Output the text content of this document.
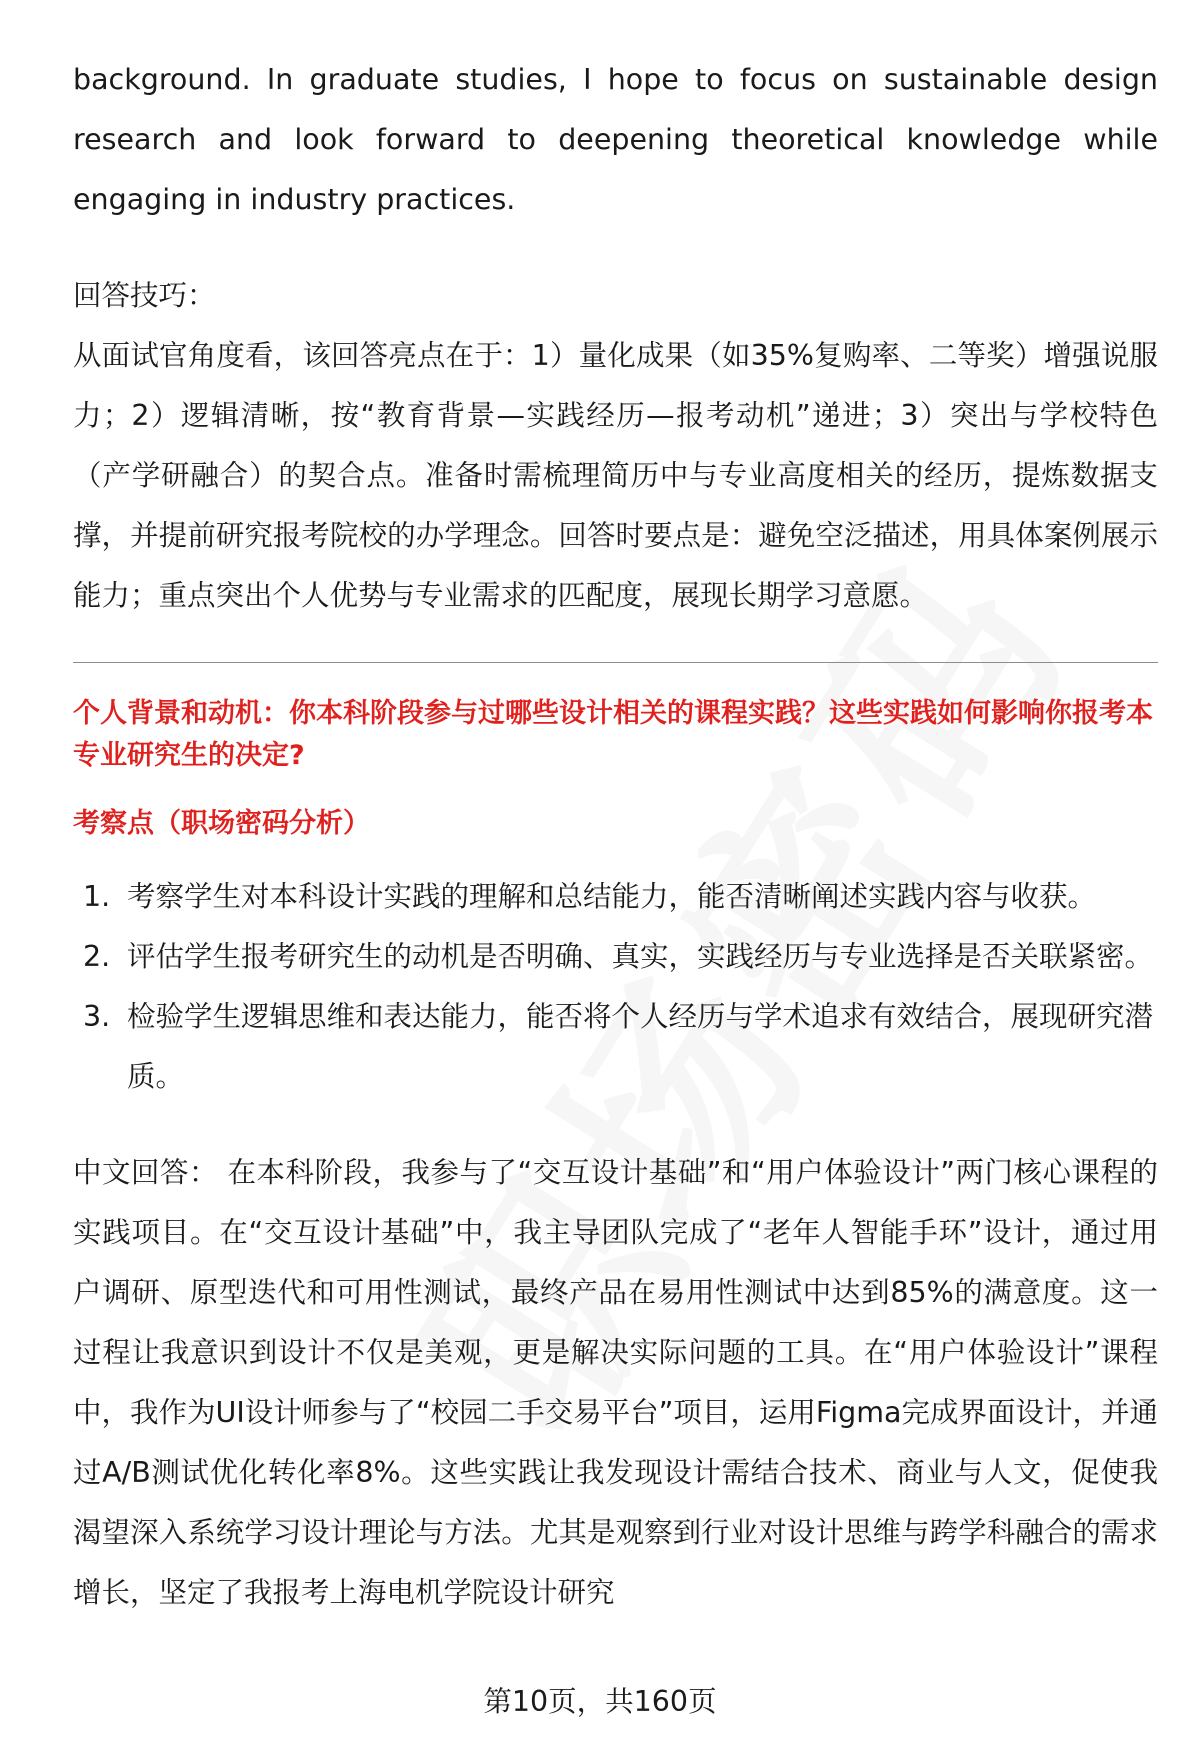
background. In graduate studies, I hope to focus on sustainable design research and look forward to deepening theoretical knowledge while engaging in industry practices.

回答技巧：

从面试官角度看，该回答亮点在于：1）量化成果（如35%复购率、二等奖）增强说服力；2）逻辑清晰，按“教育背景—实践经历—报考动机”递进；3）突出与学校特色（产学研融合）的契合点。准备时需梳理简历中与专业高度相关的经历，提炼数据支撑，并提前研究报考院校的办学理念。回答时要点是：避免空泛描述，用具体案例展示能力；重点突出个人优势与专业需求的匹配度，展现长期学习意愿。

个人背景和动机：你本科阶段参与过哪些设计相关的课程实践？这些实践如何影响你报考本专业研究生的决定?

考察点（职场密码分析）

1. 考察学生对本科设计实践的理解和总结能力，能否清晰阐述实践内容与收获。
2. 评估学生报考研究生的动机是否明确、真实，实践经历与专业选择是否关联紧密。
3. 检验学生逻辑思维和表达能力，能否将个人经历与学术追求有效结合，展现研究潜质。

中文回答： 在本科阶段，我参与了“交互设计基础”和“用户体验设计”两门核心课程的实践项目。在“交互设计基础”中，我主导团队完成了“老年人智能手环”设计，通过用户调研、原型迭代和可用性测试，最终产品在易用性测试中达到85%的满意度。这一过程让我意识到设计不仅是美观，更是解决实际问题的工具。在“用户体验设计”课程中，我作为UI设计师参与了“校园二手交易平台”项目，运用Figma完成界面设计，并通过A/B测试优化转化率8%。这些实践让我发现设计需结合技术、商业与人文，促使我渴望深入系统学习设计理论与方法。尤其是观察到行业对设计思维与跨学科融合的需求增长，坚定了我报考上海电机学院设计研究

第10页，共160页
